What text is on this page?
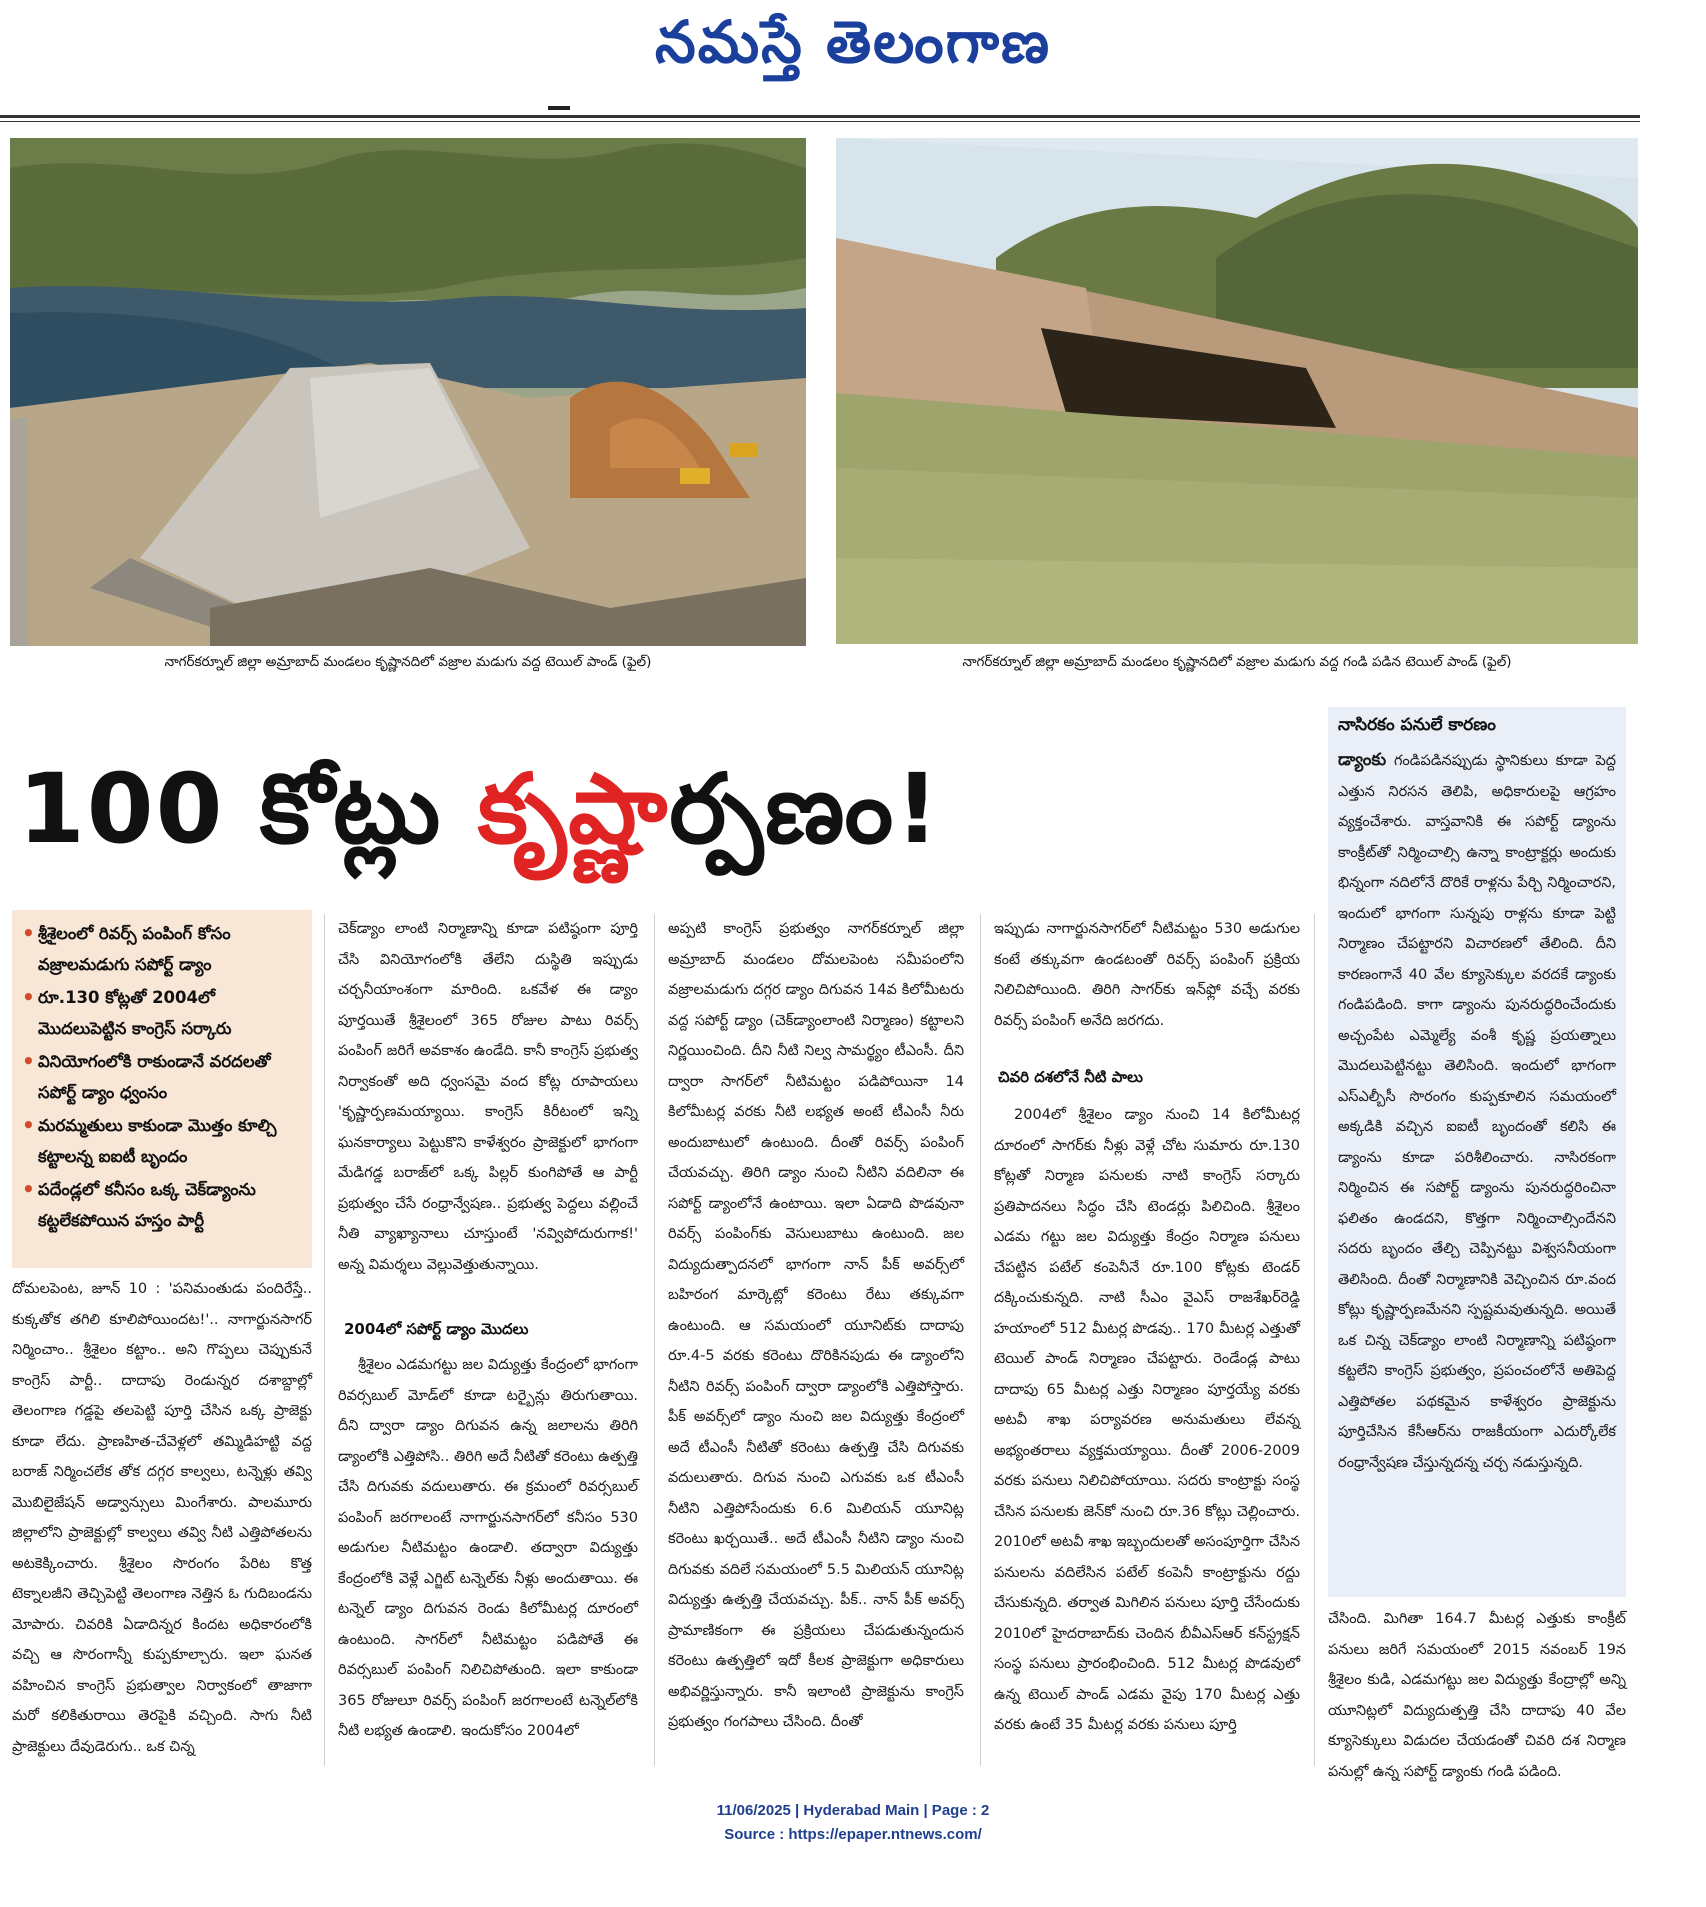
నమస్తే తెలంగాణ
నాగర్‌కర్నూల్ జిల్లా అమ్రాబాద్ మండలం కృష్ణానదిలో వజ్రాల మడుగు వద్ద టెయిల్ పాండ్ (ఫైల్)	నాగర్‌కర్నూల్ జిల్లా అమ్రాబాద్ మండలం కృష్ణానదిలో వజ్రాల మడుగు వద్ద గండి పడిన టెయిల్ పాండ్ (ఫైల్)
100 కోట్లు కృష్ణార్పణం!
• శ్రీశైలంలో రివర్స్ పంపింగ్ కోసం వజ్రాలమడుగు సపోర్ట్ డ్యాం
• రూ.130 కోట్లతో 2004లో మొదలుపెట్టిన కాంగ్రెస్ సర్కారు
• వినియోగంలోకి రాకుండానే వరదలతో సపోర్ట్ డ్యాం ధ్వంసం
• మరమ్మతులు కాకుండా మొత్తం కూల్చి కట్టాలన్న ఐఐటీ బృందం
• పదేండ్లలో కనీసం ఒక్క చెక్‌డ్యాంను కట్టలేకపోయిన హస్తం పార్టీ

దోమలపెంట, జూన్ 10 : 'పనిమంతుడు పందిరేస్తే.. కుక్కతోక తగిలి కూలిపోయిందట!'.. నాగార్జునసాగర్ నిర్మించాం.. శ్రీశైలం కట్టాం.. అని గొప్పలు చెప్పుకునే కాంగ్రెస్ పార్టీ.. దాదాపు రెండున్నర దశాబ్దాల్లో తెలంగాణ గడ్డపై తలపెట్టి పూర్తి చేసిన ఒక్క ప్రాజెక్టు కూడా లేదు. ప్రాణహిత-చేవెళ్లలో తమ్మిడిహట్టి వద్ద బరాజ్ నిర్మించలేక తోక దగ్గర కాల్వలు, టన్నెళ్లు తవ్వి మొబిలైజేషన్ అడ్వాన్సులు మింగేశారు. పాలమూరు జిల్లాలోని ప్రాజెక్టుల్లో కాల్వలు తవ్వి నీటి ఎత్తిపోతలను అటకెక్కించారు. శ్రీశైలం సొరంగం పేరిట కొత్త టెక్నాలజీని తెచ్చిపెట్టి తెలంగాణ నెత్తిన ఓ గుదిబండను మోపారు. చివరికి ఏడాదిన్నర కిందట అధికారంలోకి వచ్చి ఆ సొరంగాన్నీ కుప్పకూల్చారు. ఇలా ఘనత వహించిన కాంగ్రెస్ ప్రభుత్వాల నిర్వాకంలో తాజాగా మరో కలికితురాయి తెరపైకి వచ్చింది. సాగు నీటి ప్రాజెక్టులు దేవుడెరుగు.. ఒక చిన్న

చెక్‌డ్యాం లాంటి నిర్మాణాన్ని కూడా పటిష్ఠంగా పూర్తి చేసి వినియోగంలోకి తేలేని దుస్థితి ఇప్పుడు చర్చనీయాంశంగా మారింది. ఒకవేళ ఈ డ్యాం పూర్తయితే శ్రీశైలంలో 365 రోజుల పాటు రివర్స్ పంపింగ్ జరిగే అవకాశం ఉండేది. కానీ కాంగ్రెస్ ప్రభుత్వ నిర్వాకంతో అది ధ్వంసమై వంద కోట్ల రూపాయలు 'కృష్ణార్పణమయ్యాయి. కాంగ్రెస్ కిరీటంలో ఇన్ని ఘనకార్యాలు పెట్టుకొని కాళేశ్వరం ప్రాజెక్టులో భాగంగా మేడిగడ్డ బరాజ్‌లో ఒక్క పిల్లర్ కుంగిపోతే ఆ పార్టీ ప్రభుత్వం చేసే రంధ్రాన్వేషణ.. ప్రభుత్వ పెద్దలు వల్లించే నీతి వ్యాఖ్యానాలు చూస్తుంటే 'నవ్విపోదురుగాక!' అన్న విమర్శలు వెల్లువెత్తుతున్నాయి.

2004లో సపోర్ట్ డ్యాం మొదలు

శ్రీశైలం ఎడమగట్టు జల విద్యుత్తు కేంద్రంలో భాగంగా రివర్సబుల్ మోడ్‌లో కూడా టర్బైన్లు తిరుగుతాయి. దీని ద్వారా డ్యాం దిగువన ఉన్న జలాలను తిరిగి డ్యాంలోకి ఎత్తిపోసి.. తిరిగి అదే నీటితో కరెంటు ఉత్పత్తి చేసి దిగువకు వదులుతారు. ఈ క్రమంలో రివర్సబుల్ పంపింగ్ జరగాలంటే నాగార్జునసాగర్‌లో కనీసం 530 అడుగుల నీటిమట్టం ఉండాలి. తద్వారా విద్యుత్తు కేంద్రంలోకి వెళ్లే ఎగ్జిట్ టన్నెల్‌కు నీళ్లు అందుతాయి. ఈ టన్నెల్ డ్యాం దిగువన రెండు కిలోమీటర్ల దూరంలో ఉంటుంది. సాగర్‌లో నీటిమట్టం పడిపోతే ఈ రివర్సబుల్ పంపింగ్ నిలిచిపోతుంది. ఇలా కాకుండా 365 రోజులూ రివర్స్ పంపింగ్ జరగాలంటే టన్నెల్‌లోకి నీటి లభ్యత ఉండాలి. ఇందుకోసం 2004లో

అప్పటి కాంగ్రెస్ ప్రభుత్వం నాగర్‌కర్నూల్ జిల్లా అమ్రాబాద్ మండలం దోమలపెంట సమీపంలోని వజ్రాలమడుగు దగ్గర డ్యాం దిగువన 14వ కిలోమీటరు వద్ద సపోర్ట్ డ్యాం (చెక్‌డ్యాంలాంటి నిర్మాణం) కట్టాలని నిర్ణయించింది. దీని నీటి నిల్వ సామర్థ్యం టీఎంసీ. దీని ద్వారా సాగర్‌లో నీటిమట్టం పడిపోయినా 14 కిలోమీటర్ల వరకు నీటి లభ్యత అంటే టీఎంసీ నీరు అందుబాటులో ఉంటుంది. దీంతో రివర్స్ పంపింగ్ చేయవచ్చు. తిరిగి డ్యాం నుంచి నీటిని వదిలినా ఈ సపోర్ట్ డ్యాంలోనే ఉంటాయి. ఇలా ఏడాది పొడవునా రివర్స్ పంపింగ్‌కు వెసులుబాటు ఉంటుంది. జల విద్యుదుత్పాదనలో భాగంగా నాన్ పీక్ అవర్స్‌లో బహిరంగ మార్కెట్లో కరెంటు రేటు తక్కువగా ఉంటుంది. ఆ సమయంలో యూనిట్‌కు దాదాపు రూ.4-5 వరకు కరెంటు దొరికినపుడు ఈ డ్యాంలోని నీటిని రివర్స్ పంపింగ్ ద్వారా డ్యాంలోకి ఎత్తిపోస్తారు. పీక్ అవర్స్‌లో డ్యాం నుంచి జల విద్యుత్తు కేంద్రంలో అదే టీఎంసీ నీటితో కరెంటు ఉత్పత్తి చేసి దిగువకు వదులుతారు. దిగువ నుంచి ఎగువకు ఒక టీఎంసీ నీటిని ఎత్తిపోసేందుకు 6.6 మిలియన్ యూనిట్ల కరెంటు ఖర్చయితే.. అదే టీఎంసీ నీటిని డ్యాం నుంచి దిగువకు వదిలే సమయంలో 5.5 మిలియన్ యూనిట్ల విద్యుత్తు ఉత్పత్తి చేయవచ్చు. పీక్.. నాన్ పీక్ అవర్స్ ప్రామాణికంగా ఈ ప్రక్రియలు చేపడుతున్నందున కరెంటు ఉత్పత్తిలో ఇదో కీలక ప్రాజెక్టుగా అధికారులు అభివర్ణిస్తున్నారు. కానీ ఇలాంటి ప్రాజెక్టును కాంగ్రెస్ ప్రభుత్వం గంగపాలు చేసింది. దీంతో

ఇప్పుడు నాగార్జునసాగర్‌లో నీటిమట్టం 530 అడుగుల కంటే తక్కువగా ఉండటంతో రివర్స్ పంపింగ్ ప్రక్రియ నిలిచిపోయింది. తిరిగి సాగర్‌కు ఇన్‌ఫ్లో వచ్చే వరకు రివర్స్ పంపింగ్ అనేది జరగదు.

చివరి దశలోనే నీటి పాలు

2004లో శ్రీశైలం డ్యాం నుంచి 14 కిలోమీటర్ల దూరంలో సాగర్‌కు నీళ్లు వెళ్లే చోట సుమారు రూ.130 కోట్లతో నిర్మాణ పనులకు నాటి కాంగ్రెస్ సర్కారు ప్రతిపాదనలు సిద్ధం చేసి టెండర్లు పిలిచింది. శ్రీశైలం ఎడమ గట్టు జల విద్యుత్తు కేంద్రం నిర్మాణ పనులు చేపట్టిన పటేల్ కంపెనీనే రూ.100 కోట్లకు టెండర్ దక్కించుకున్నది. నాటి సీఎం వైఎస్ రాజశేఖర్‌రెడ్డి హయాంలో 512 మీటర్ల పొడవు.. 170 మీటర్ల ఎత్తుతో టెయిల్ పాండ్ నిర్మాణం చేపట్టారు. రెండేండ్ల పాటు దాదాపు 65 మీటర్ల ఎత్తు నిర్మాణం పూర్తయ్యే వరకు అటవీ శాఖ పర్యావరణ అనుమతులు లేవన్న అభ్యంతరాలు వ్యక్తమయ్యాయి. దీంతో 2006-2009 వరకు పనులు నిలిచిపోయాయి. సదరు కాంట్రాక్టు సంస్థ చేసిన పనులకు జెన్‌కో నుంచి రూ.36 కోట్లు చెల్లించారు. 2010లో అటవీ శాఖ ఇబ్బందులతో అసంపూర్తిగా చేసిన పనులను వదిలేసిన పటేల్ కంపెనీ కాంట్రాక్టును రద్దు చేసుకున్నది. తర్వాత మిగిలిన పనులు పూర్తి చేసేందుకు 2010లో హైదరాబాద్‌కు చెందిన బీవీఎస్ఆర్ కన్‌స్ట్రక్షన్ సంస్థ పనులు ప్రారంభించింది. 512 మీటర్ల పొడవులో ఉన్న టెయిల్ పాండ్ ఎడమ వైపు 170 మీటర్ల ఎత్తు వరకు ఉంటే 35 మీటర్ల వరకు పనులు పూర్తి

నాసిరకం పనులే కారణం
డ్యాంకు గండిపడినప్పుడు స్థానికులు కూడా పెద్ద ఎత్తున నిరసన తెలిపి, అధికారులపై ఆగ్రహం వ్యక్తంచేశారు. వాస్తవానికి ఈ సపోర్ట్ డ్యాంను కాంక్రీట్‌తో నిర్మించాల్సి ఉన్నా కాంట్రాక్టర్లు అందుకు భిన్నంగా నదిలోనే దొరికే రాళ్లను పేర్చి నిర్మించారని, ఇందులో భాగంగా సున్నపు రాళ్లను కూడా పెట్టి నిర్మాణం చేపట్టారని విచారణలో తేలింది. దీని కారణంగానే 40 వేల క్యూసెక్కుల వరదకే డ్యాంకు గండిపడింది. కాగా డ్యాంను పునరుద్ధరించేందుకు అచ్చంపేట ఎమ్మెల్యే వంశీ కృష్ణ ప్రయత్నాలు మొదలుపెట్టినట్టు తెలిసింది. ఇందులో భాగంగా ఎస్ఎల్బీసీ సొరంగం కుప్పకూలిన సమయంలో అక్కడికి వచ్చిన ఐఐటీ బృందంతో కలిసి ఈ డ్యాంను కూడా పరిశీలించారు. నాసిరకంగా నిర్మించిన ఈ సపోర్ట్ డ్యాంను పునరుద్ధరించినా ఫలితం ఉండదని, కొత్తగా నిర్మించాల్సిందేనని సదరు బృందం తేల్చి చెప్పినట్టు విశ్వసనీయంగా తెలిసింది. దీంతో నిర్మాణానికి వెచ్చించిన రూ.వంద కోట్లు కృష్ణార్పణమేనని స్పష్టమవుతున్నది. అయితే ఒక చిన్న చెక్‌డ్యాం లాంటి నిర్మాణాన్ని పటిష్ఠంగా కట్టలేని కాంగ్రెస్ ప్రభుత్వం, ప్రపంచంలోనే అతిపెద్ద ఎత్తిపోతల పథకమైన కాళేశ్వరం ప్రాజెక్టును పూర్తిచేసిన కేసీఆర్‌ను రాజకీయంగా ఎదుర్కోలేక రంధ్రాన్వేషణ చేస్తున్నదన్న చర్చ నడుస్తున్నది.

చేసింది. మిగితా 164.7 మీటర్ల ఎత్తుకు కాంక్రీట్ పనులు జరిగే సమయంలో 2015 నవంబర్ 19న శ్రీశైలం కుడి, ఎడమగట్టు జల విద్యుత్తు కేంద్రాల్లో అన్ని యూనిట్లలో విద్యుదుత్పత్తి చేసి దాదాపు 40 వేల క్యూసెక్కులు విడుదల చేయడంతో చివరి దశ నిర్మాణ పనుల్లో ఉన్న సపోర్ట్ డ్యాంకు గండి పడింది.

11/06/2025 | Hyderabad Main | Page : 2
Source : https://epaper.ntnews.com/
